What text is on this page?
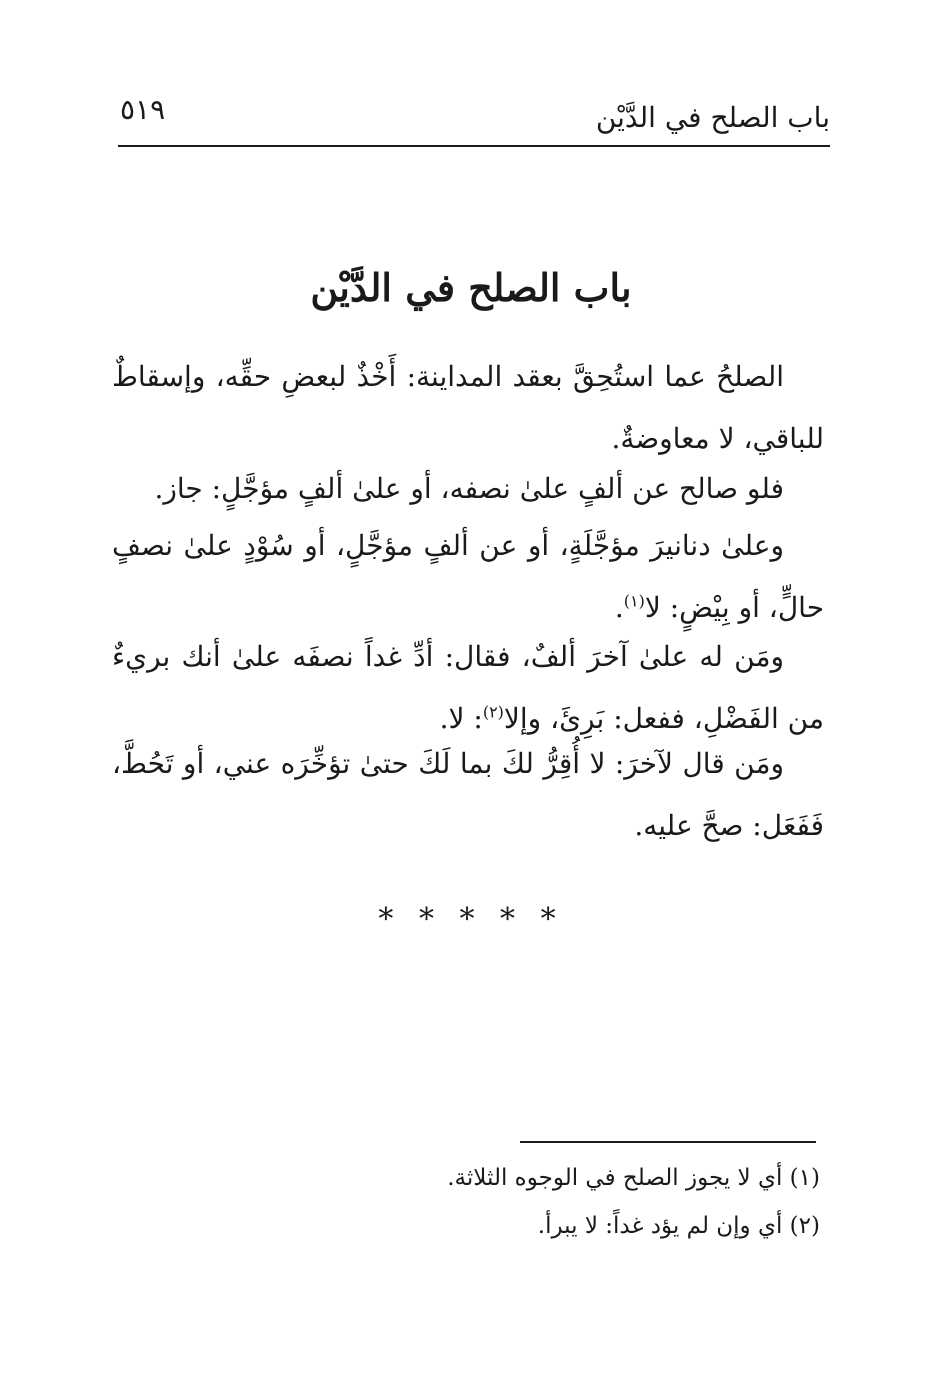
باب الصلح في الدَّيْن
٥١٩
باب الصلح في الدَّيْن

الصلحُ عما استُحِقَّ بعقد المداينة: أَخْذٌ لبعضِ حقِّه، وإسقاطٌ للباقي، لا معاوضةٌ.

فلو صالح عن ألفٍ علىٰ نصفه، أو علىٰ ألفٍ مؤجَّلٍ: جاز.

وعلىٰ دنانيرَ مؤجَّلَةٍ، أو عن ألفٍ مؤجَّلٍ، أو سُوْدٍ علىٰ نصفٍ حالٍّ، أو بِيْضٍ: لا$^{(١)}$.

ومَن له علىٰ آخرَ ألفٌ، فقال: أدِّ غداً نصفَه علىٰ أنك بريءٌ من الفَضْلِ، ففعل: بَرِئَ، وإلا$^{(٢)}$: لا.

ومَن قال لآخرَ: لا أُقِرُّ لكَ بما لَكَ حتىٰ تؤخِّرَه عني، أو تَحُطَّ، فَفَعَل: صحَّ عليه.

* * * * *
(١) أي لا يجوز الصلح في الوجوه الثلاثة.
(٢) أي وإن لم يؤد غداً: لا يبرأ.
